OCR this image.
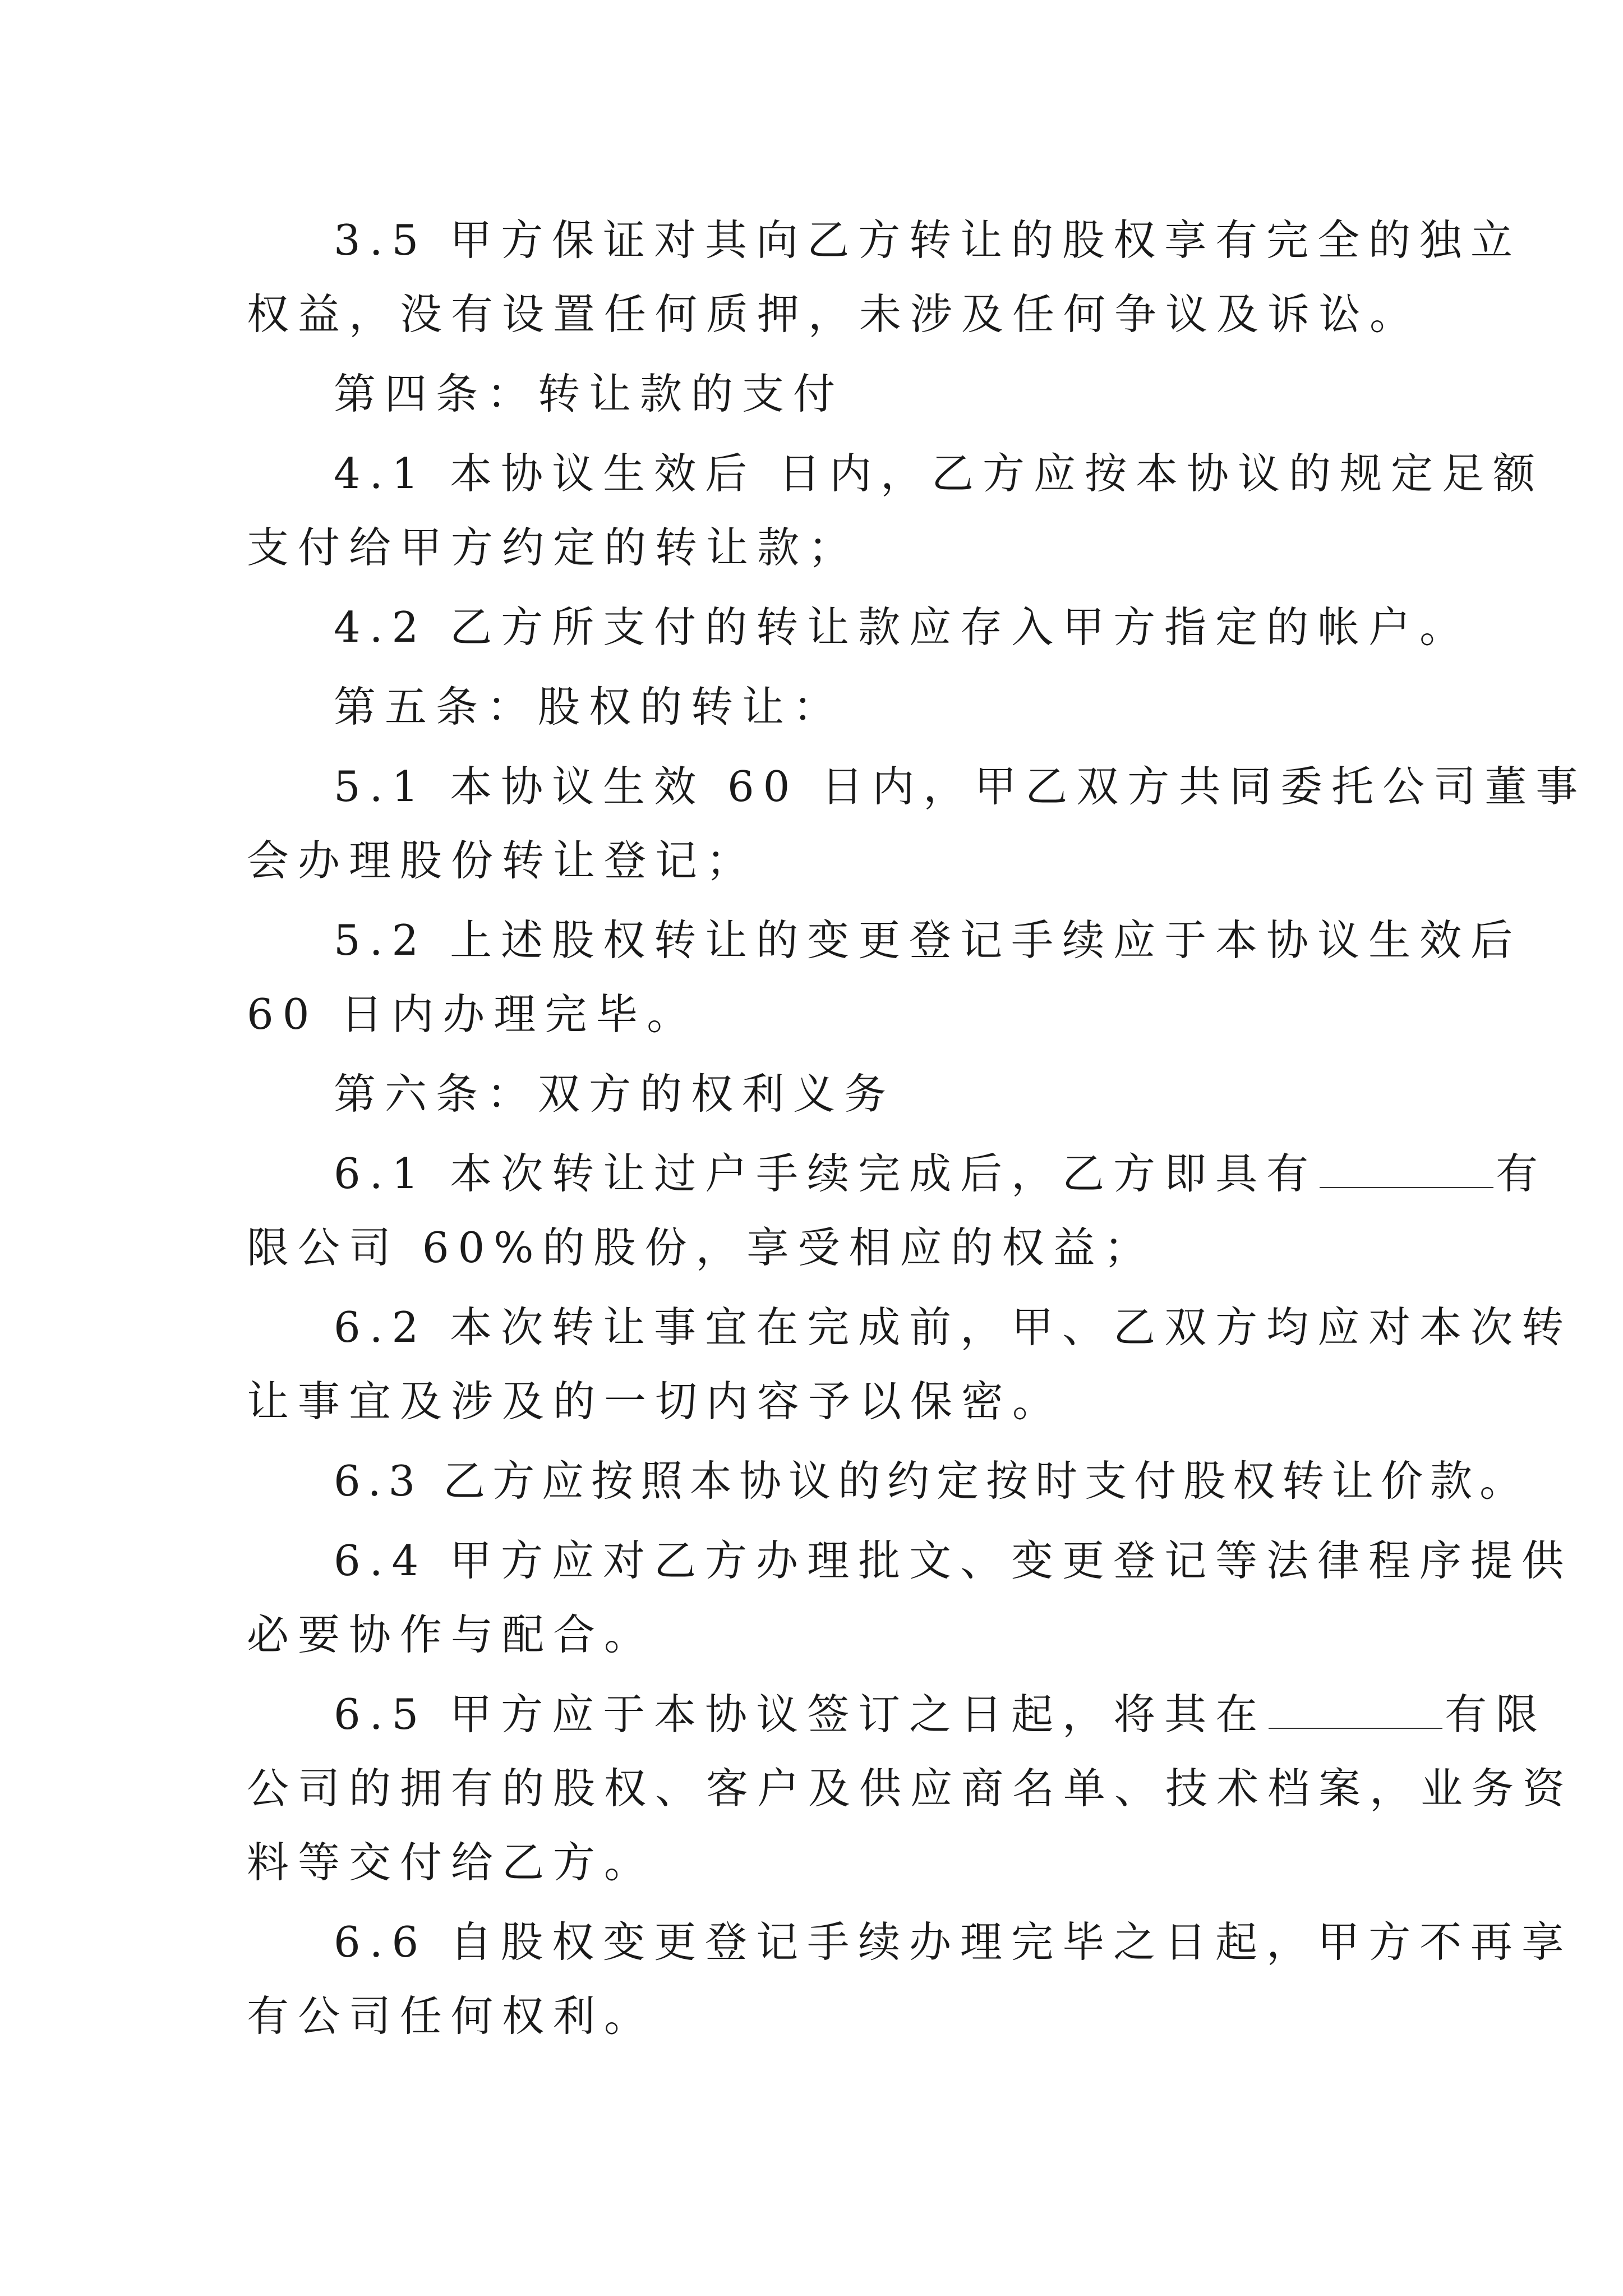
3.5 甲方保证对其向乙方转让的股权享有完全的独立
权益，没有设置任何质押，未涉及任何争议及诉讼。
第四条：转让款的支付
4.1 本协议生效后 日内，乙方应按本协议的规定足额
支付给甲方约定的转让款；
4.2 乙方所支付的转让款应存入甲方指定的帐户。
第五条：股权的转让：
5.1 本协议生效 60 日内，甲乙双方共同委托公司董事
会办理股份转让登记；
5.2 上述股权转让的变更登记手续应于本协议生效后
60 日内办理完毕。
第六条：双方的权利义务
6.1 本次转让过户手续完成后，乙方即具有	有
限公司 60%的股份，享受相应的权益；
6.2 本次转让事宜在完成前，甲、乙双方均应对本次转
让事宜及涉及的一切内容予以保密。
6.3 乙方应按照本协议的约定按时支付股权转让价款。
6.4 甲方应对乙方办理批文、变更登记等法律程序提供
必要协作与配合。
6.5 甲方应于本协议签订之日起，将其在	有限
公司的拥有的股权、客户及供应商名单、技术档案，业务资
料等交付给乙方。
6.6 自股权变更登记手续办理完毕之日起，甲方不再享
有公司任何权利。
